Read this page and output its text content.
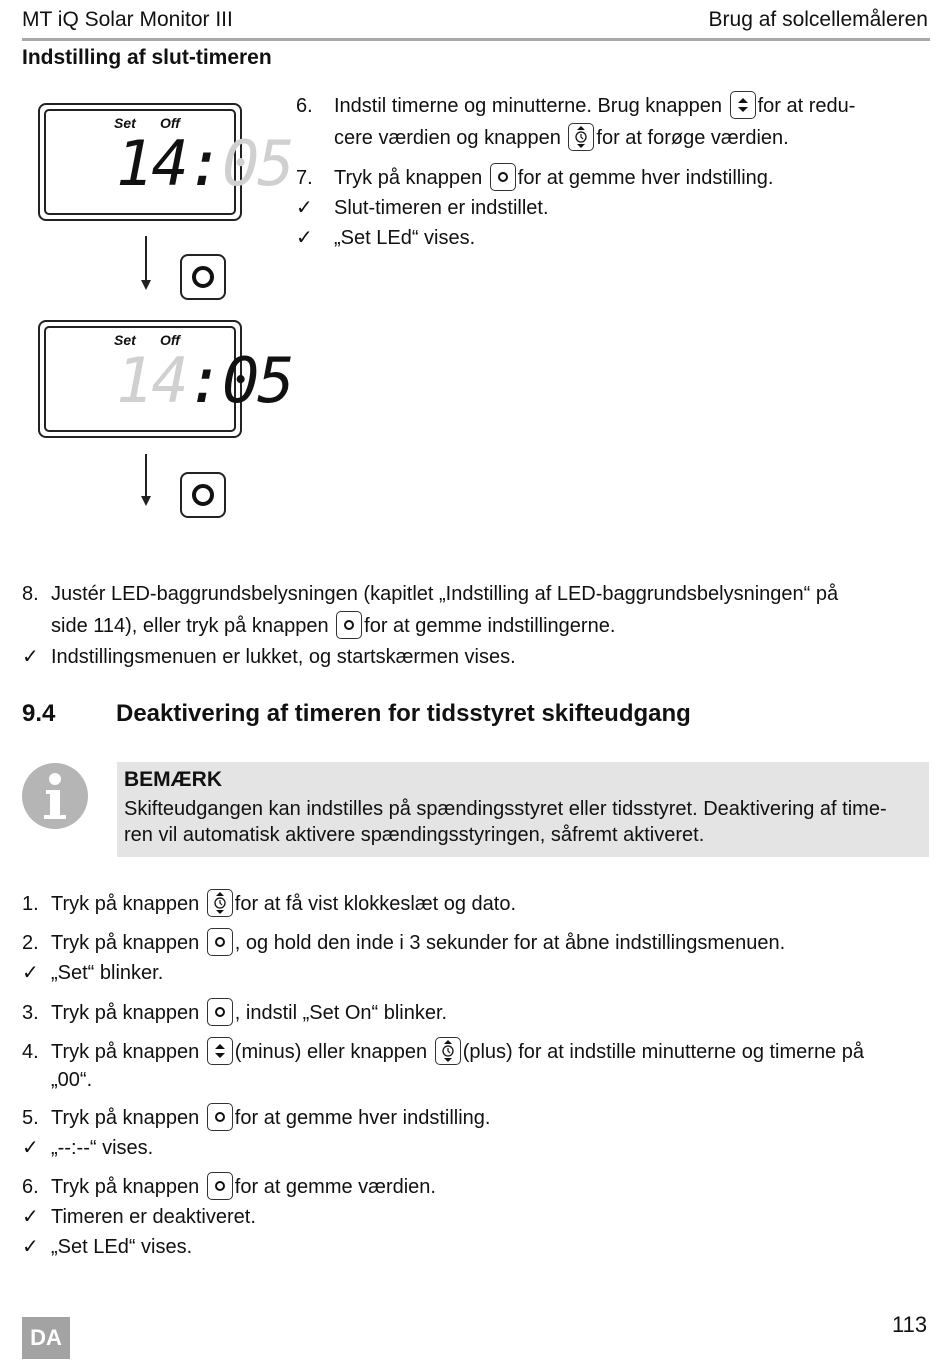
MT iQ Solar Monitor III	Brug af solcellemåleren
Indstilling af slut-timeren
Set Off
14:05
Set Off
14:05
6. Indstil timerne og minutterne. Brug knappen for at redu-
cere værdien og knappen for at forøge værdien.
7. Tryk på knappen for at gemme hver indstilling.
✓ Slut-timeren er indstillet.
✓ „Set LEd“ vises.
8. Justér LED-baggrundsbelysningen (kapitlet „Indstilling af LED-baggrundsbelysningen“ på
side 114), eller tryk på knappen for at gemme indstillingerne.
✓ Indstillingsmenuen er lukket, og startskærmen vises.
9.4	Deaktivering af timeren for tidsstyret skifteudgang
BEMÆRK
Skifteudgangen kan indstilles på spændingsstyret eller tidsstyret. Deaktivering af time-
ren vil automatisk aktivere spændingsstyringen, såfremt aktiveret.
1. Tryk på knappen for at få vist klokkeslæt og dato.
2. Tryk på knappen , og hold den inde i 3 sekunder for at åbne indstillingsmenuen.
✓ „Set“ blinker.
3. Tryk på knappen , indstil „Set On“ blinker.
4. Tryk på knappen (minus) eller knappen (plus) for at indstille minutterne og timerne på
„00“.
5. Tryk på knappen for at gemme hver indstilling.
✓ „--:--“ vises.
6. Tryk på knappen for at gemme værdien.
✓ Timeren er deaktiveret.
✓ „Set LEd“ vises.
DA
113
